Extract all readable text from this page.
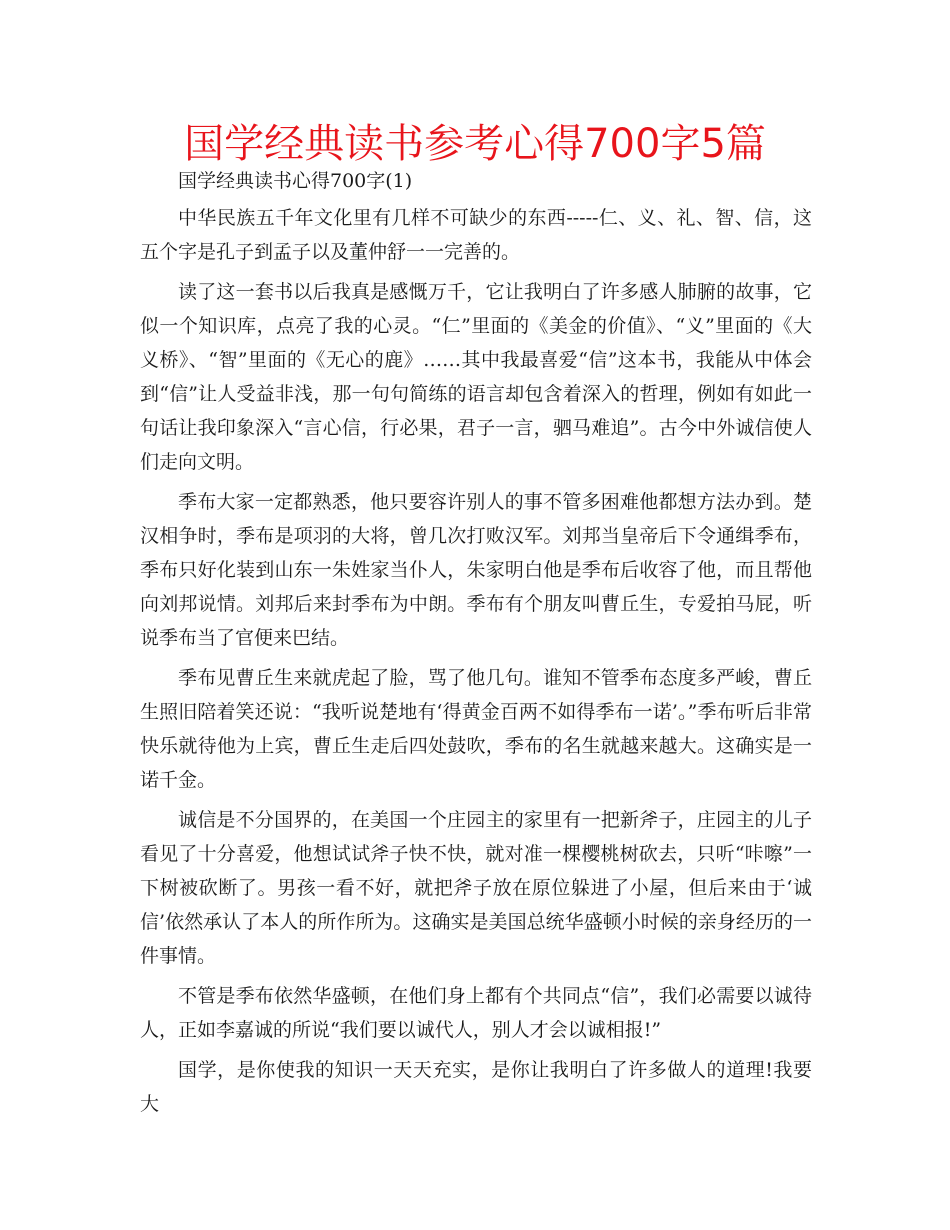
国学经典读书参考心得700字5篇

国学经典读书心得700字(1)

中华民族五千年文化里有几样不可缺少的东西-----仁、义、礼、智、信，这五个字是孔子到孟子以及董仲舒一一完善的。

读了这一套书以后我真是感慨万千，它让我明白了许多感人肺腑的故事，它似一个知识库，点亮了我的心灵。“仁”里面的《美金的价值》、“义”里面的《大义桥》、“智”里面的《无心的鹿》……其中我最喜爱“信”这本书，我能从中体会到“信”让人受益非浅，那一句句简练的语言却包含着深入的哲理，例如有如此一句话让我印象深入“言心信，行必果，君子一言，驷马难追”。古今中外诚信使人们走向文明。

季布大家一定都熟悉，他只要容许别人的事不管多困难他都想方法办到。楚汉相争时，季布是项羽的大将，曾几次打败汉军。刘邦当皇帝后下令通缉季布，季布只好化装到山东一朱姓家当仆人，朱家明白他是季布后收容了他，而且帮他向刘邦说情。刘邦后来封季布为中朗。季布有个朋友叫曹丘生，专爱拍马屁，听说季布当了官便来巴结。

季布见曹丘生来就虎起了脸，骂了他几句。谁知不管季布态度多严峻，曹丘生照旧陪着笑还说：“我听说楚地有‘得黄金百两不如得季布一诺’。”季布听后非常快乐就待他为上宾，曹丘生走后四处鼓吹，季布的名生就越来越大。这确实是一诺千金。

诚信是不分国界的，在美国一个庄园主的家里有一把新斧子，庄园主的儿子看见了十分喜爱，他想试试斧子快不快，就对准一棵樱桃树砍去，只听“咔嚓”一下树被砍断了。男孩一看不好，就把斧子放在原位躲进了小屋，但后来由于‘诚信’依然承认了本人的所作所为。这确实是美国总统华盛顿小时候的亲身经历的一件事情。

不管是季布依然华盛顿，在他们身上都有个共同点“信”，我们必需要以诚待人，正如李嘉诚的所说“我们要以诚代人，别人才会以诚相报!”

国学，是你使我的知识一天天充实，是你让我明白了许多做人的道理!我要大
